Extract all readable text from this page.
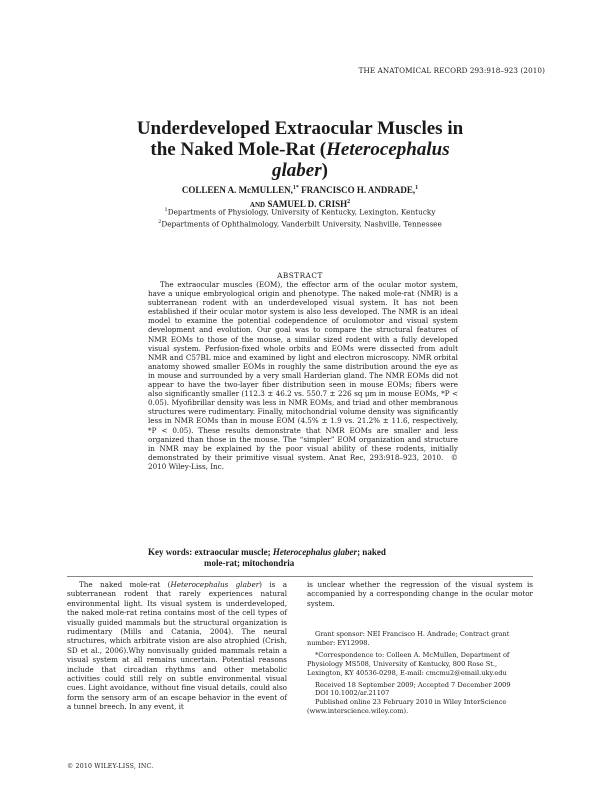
THE ANATOMICAL RECORD 293:918–923 (2010)
Underdeveloped Extraocular Muscles in
the Naked Mole-Rat (Heterocephalus
glaber)
COLLEEN A. McMULLEN,$^{1*}$ FRANCISCO H. ANDRADE,$^1$
AND SAMUEL D. CRISH$^2$
$^1$Departments of Physiology, University of Kentucky, Lexington, Kentucky
$^2$Departments of Ophthalmology, Vanderbilt University, Nashville, Tennessee
ABSTRACT
The extraocular muscles (EOM), the effector arm of the ocular motor system, have a unique embryological origin and phenotype. The naked mole-rat (NMR) is a subterranean rodent with an underdeveloped visual system. It has not been established if their ocular motor system is also less developed. The NMR is an ideal model to examine the potential codependence of oculomotor and visual system development and evolution. Our goal was to compare the structural features of NMR EOMs to those of the mouse, a similar sized rodent with a fully developed visual system. Perfusion-fixed whole orbits and EOMs were dissected from adult NMR and C57BL mice and examined by light and electron microscopy. NMR orbital anatomy showed smaller EOMs in roughly the same distribution around the eye as in mouse and surrounded by a very small Harderian gland. The NMR EOMs did not appear to have the two-layer fiber distribution seen in mouse EOMs; fibers were also significantly smaller (112.3 ± 46.2 vs. 550.7 ± 226 sq μm in mouse EOMs, *P < 0.05). Myofibrillar density was less in NMR EOMs, and triad and other membranous structures were rudimentary. Finally, mitochondrial volume density was significantly less in NMR EOMs than in mouse EOM (4.5% ± 1.9 vs. 21.2% ± 11.6, respectively, *P < 0.05). These results demonstrate that NMR EOMs are smaller and less organized than those in the mouse. The “simpler” EOM organization and structure in NMR may be explained by the poor visual ability of these rodents, initially demonstrated by their primitive visual system. Anat Rec, 293:918–923, 2010. © 2010 Wiley-Liss, Inc.
Key words: extraocular muscle; Heterocephalus glaber; naked
mole-rat; mitochondria
The naked mole-rat (Heterocephalus glaber) is a subterranean rodent that rarely experiences natural environmental light. Its visual system is underdeveloped, the naked mole-rat retina contains most of the cell types of visually guided mammals but the structural organization is rudimentary (Mills and Catania, 2004). The neural structures, which arbitrate vision are also atrophied (Crish, SD et al., 2006).Why nonvisually guided mammals retain a visual system at all remains uncertain. Potential reasons include that circadian rhythms and other metabolic activities could still rely on subtle environmental visual cues. Light avoidance, without fine visual details, could also form the sensory arm of an escape behavior in the event of a tunnel breech. In any event, it
is unclear whether the regression of the visual system is accompanied by a corresponding change in the ocular motor system.

Grant sponsor: NEI Francisco H. Andrade; Contract grant number: EY12998.

*Correspondence to: Colleen A. McMullen, Department of Physiology MS508, University of Kentucky, 800 Rose St., Lexington, KY 40536-0298, E-mail: cmcmu2@email.uky.edu

Received 18 September 2009; Accepted 7 December 2009

DOI 10.1002/ar.21107

Published online 23 February 2010 in Wiley InterScience (www.interscience.wiley.com).

© 2010 WILEY-LISS, INC.
